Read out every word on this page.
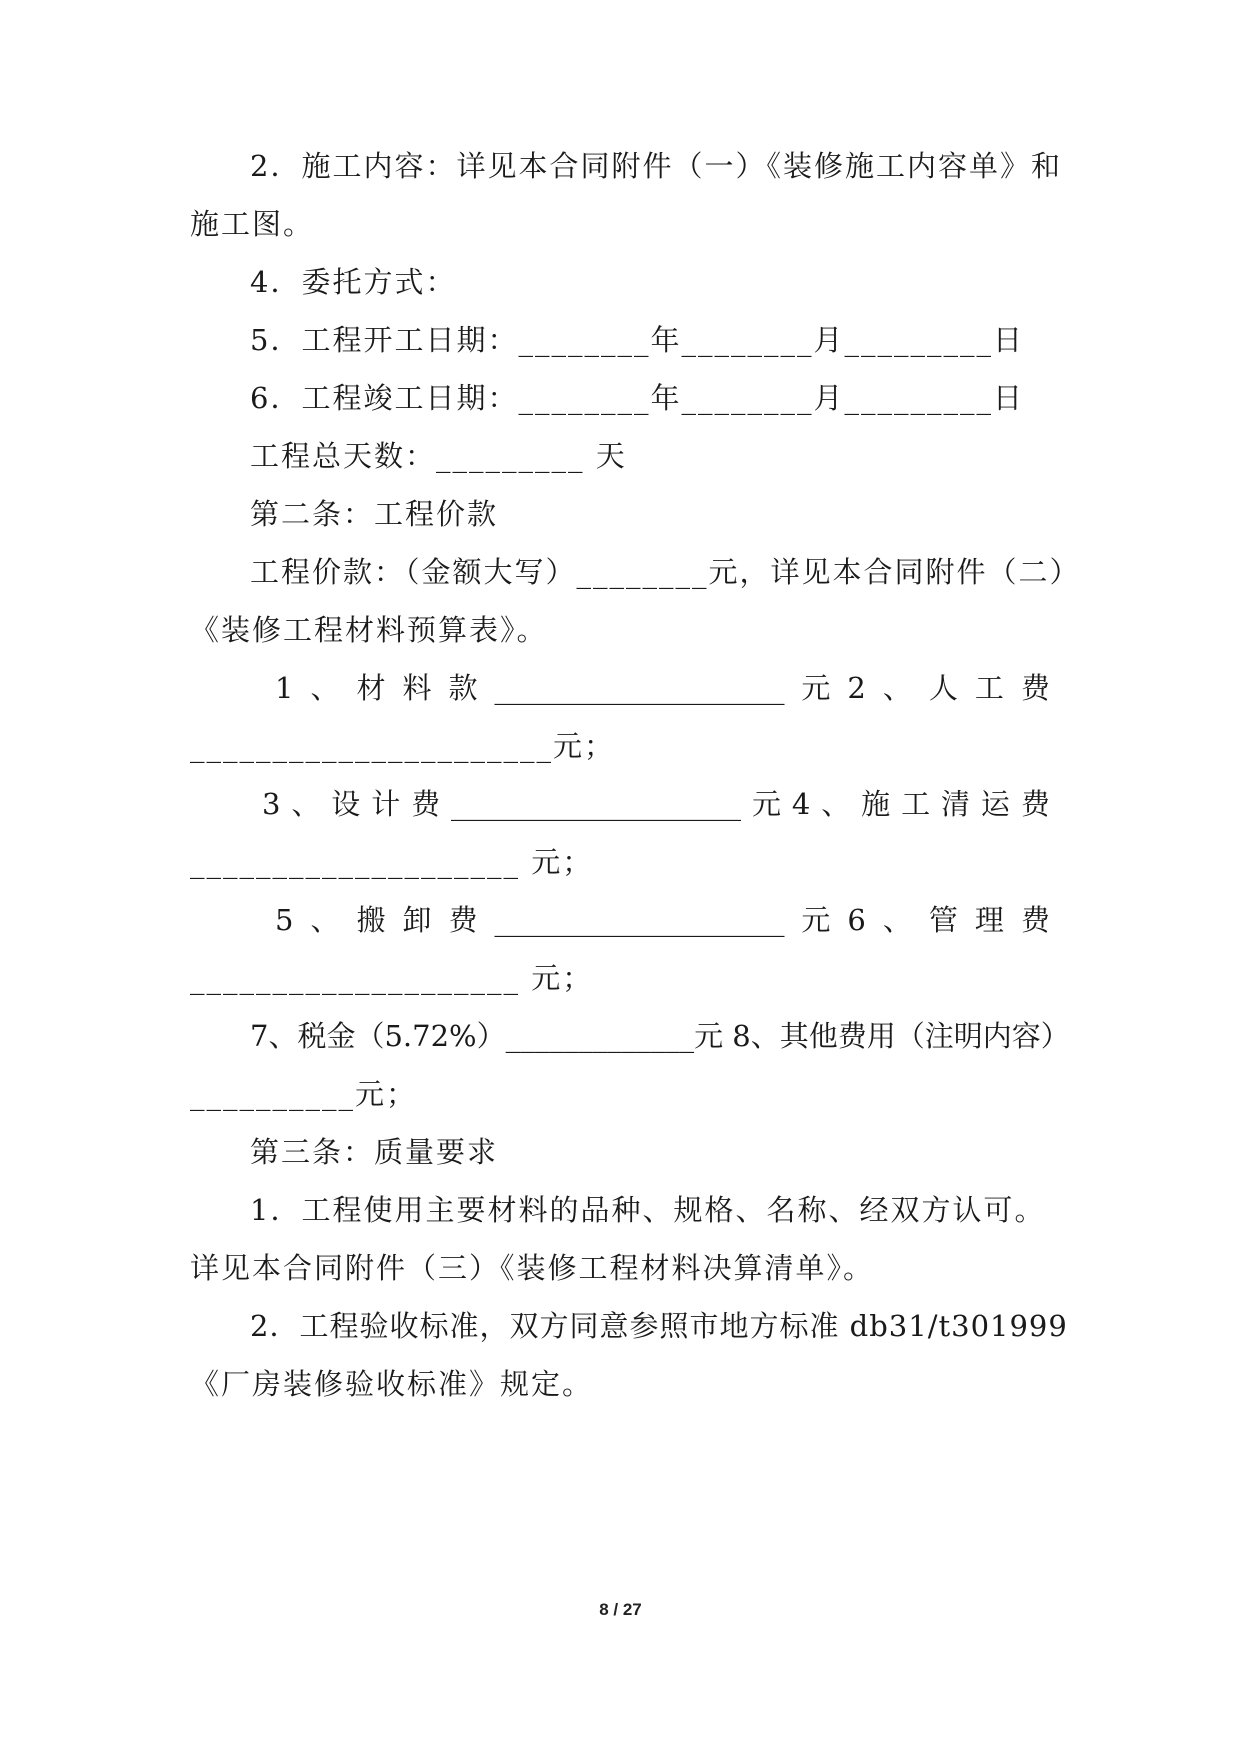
2．施工内容：详见本合同附件（一）《装修施工内容单》和
施工图。
4．委托方式：
5．工程开工日期：________年________月_________日
6．工程竣工日期：________年________月_________日
工程总天数：_________ 天
第二条：工程价款
工程价款：（金额大写）________元，详见本合同附件（二）
《装修工程材料预算表》。
1 、 材 料 款 ____________________ 元 2 、 人 工 费
______________________元；
3 、 设 计 费 ____________________ 元 4 、 施 工 清 运 费
____________________ 元；
5 、 搬 卸 费 ____________________ 元 6 、 管 理 费
____________________ 元；
7、税金（5.72%）_____________元 8、其他费用（注明内容）
__________元；
第三条：质量要求
1．工程使用主要材料的品种、规格、名称、经双方认可。
详见本合同附件（三）《装修工程材料决算清单》。
2．工程验收标准，双方同意参照市地方标准 db31/t301999
《厂房装修验收标准》规定。
8 / 27
